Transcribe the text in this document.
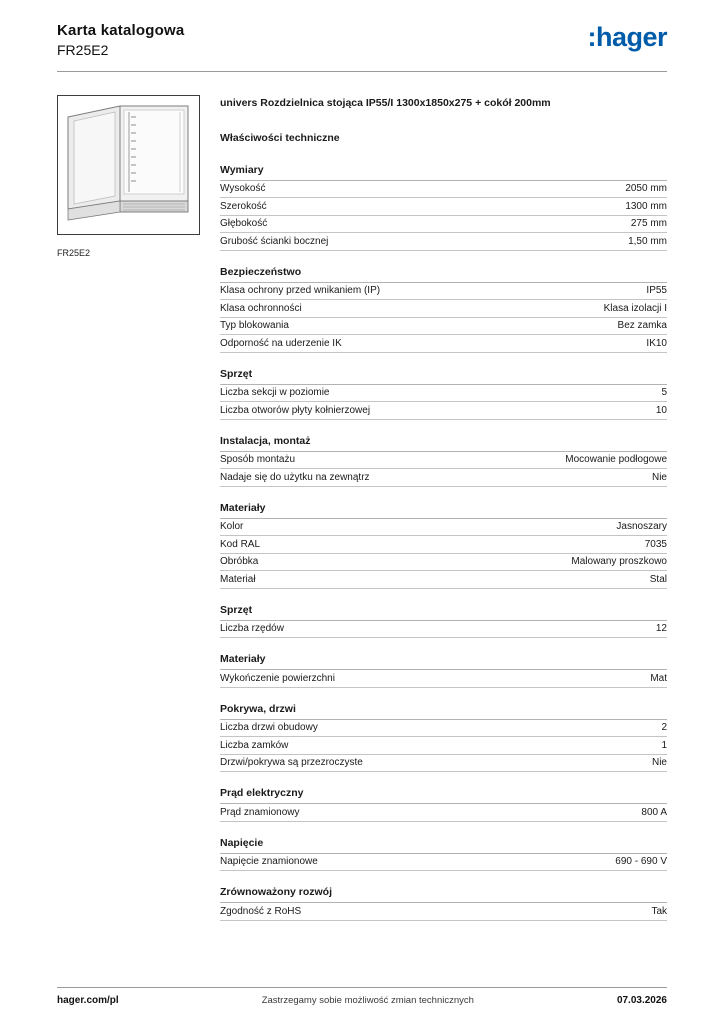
Karta katalogowa
FR25E2	:hager
FR25E2
univers Rozdzielnica stojąca IP55/I 1300x1850x275 + cokół 200mm
Właściwości techniczne
Wymiary
Wysokość	2050 mm
Szerokość	1300 mm
Głębokość	275 mm
Grubość ścianki bocznej	1,50 mm
Bezpieczeństwo
Klasa ochrony przed wnikaniem (IP)	IP55
Klasa ochronności	Klasa izolacji I
Typ blokowania	Bez zamka
Odporność na uderzenie IK	IK10
Sprzęt
Liczba sekcji w poziomie	5
Liczba otworów płyty kołnierzowej	10
Instalacja, montaż
Sposób montażu	Mocowanie podłogowe
Nadaje się do użytku na zewnątrz	Nie
Materiały
Kolor	Jasnoszary
Kod RAL	7035
Obróbka	Malowany proszkowo
Materiał	Stal
Sprzęt
Liczba rzędów	12
Materiały
Wykończenie powierzchni	Mat
Pokrywa, drzwi
Liczba drzwi obudowy	2
Liczba zamków	1
Drzwi/pokrywa są przezroczyste	Nie
Prąd elektryczny
Prąd znamionowy	800 A
Napięcie
Napięcie znamionowe	690 - 690 V
Zrównoważony rozwój
Zgodność z RoHS	Tak
hager.com/pl	Zastrzegamy sobie możliwość zmian technicznych	07.03.2026
